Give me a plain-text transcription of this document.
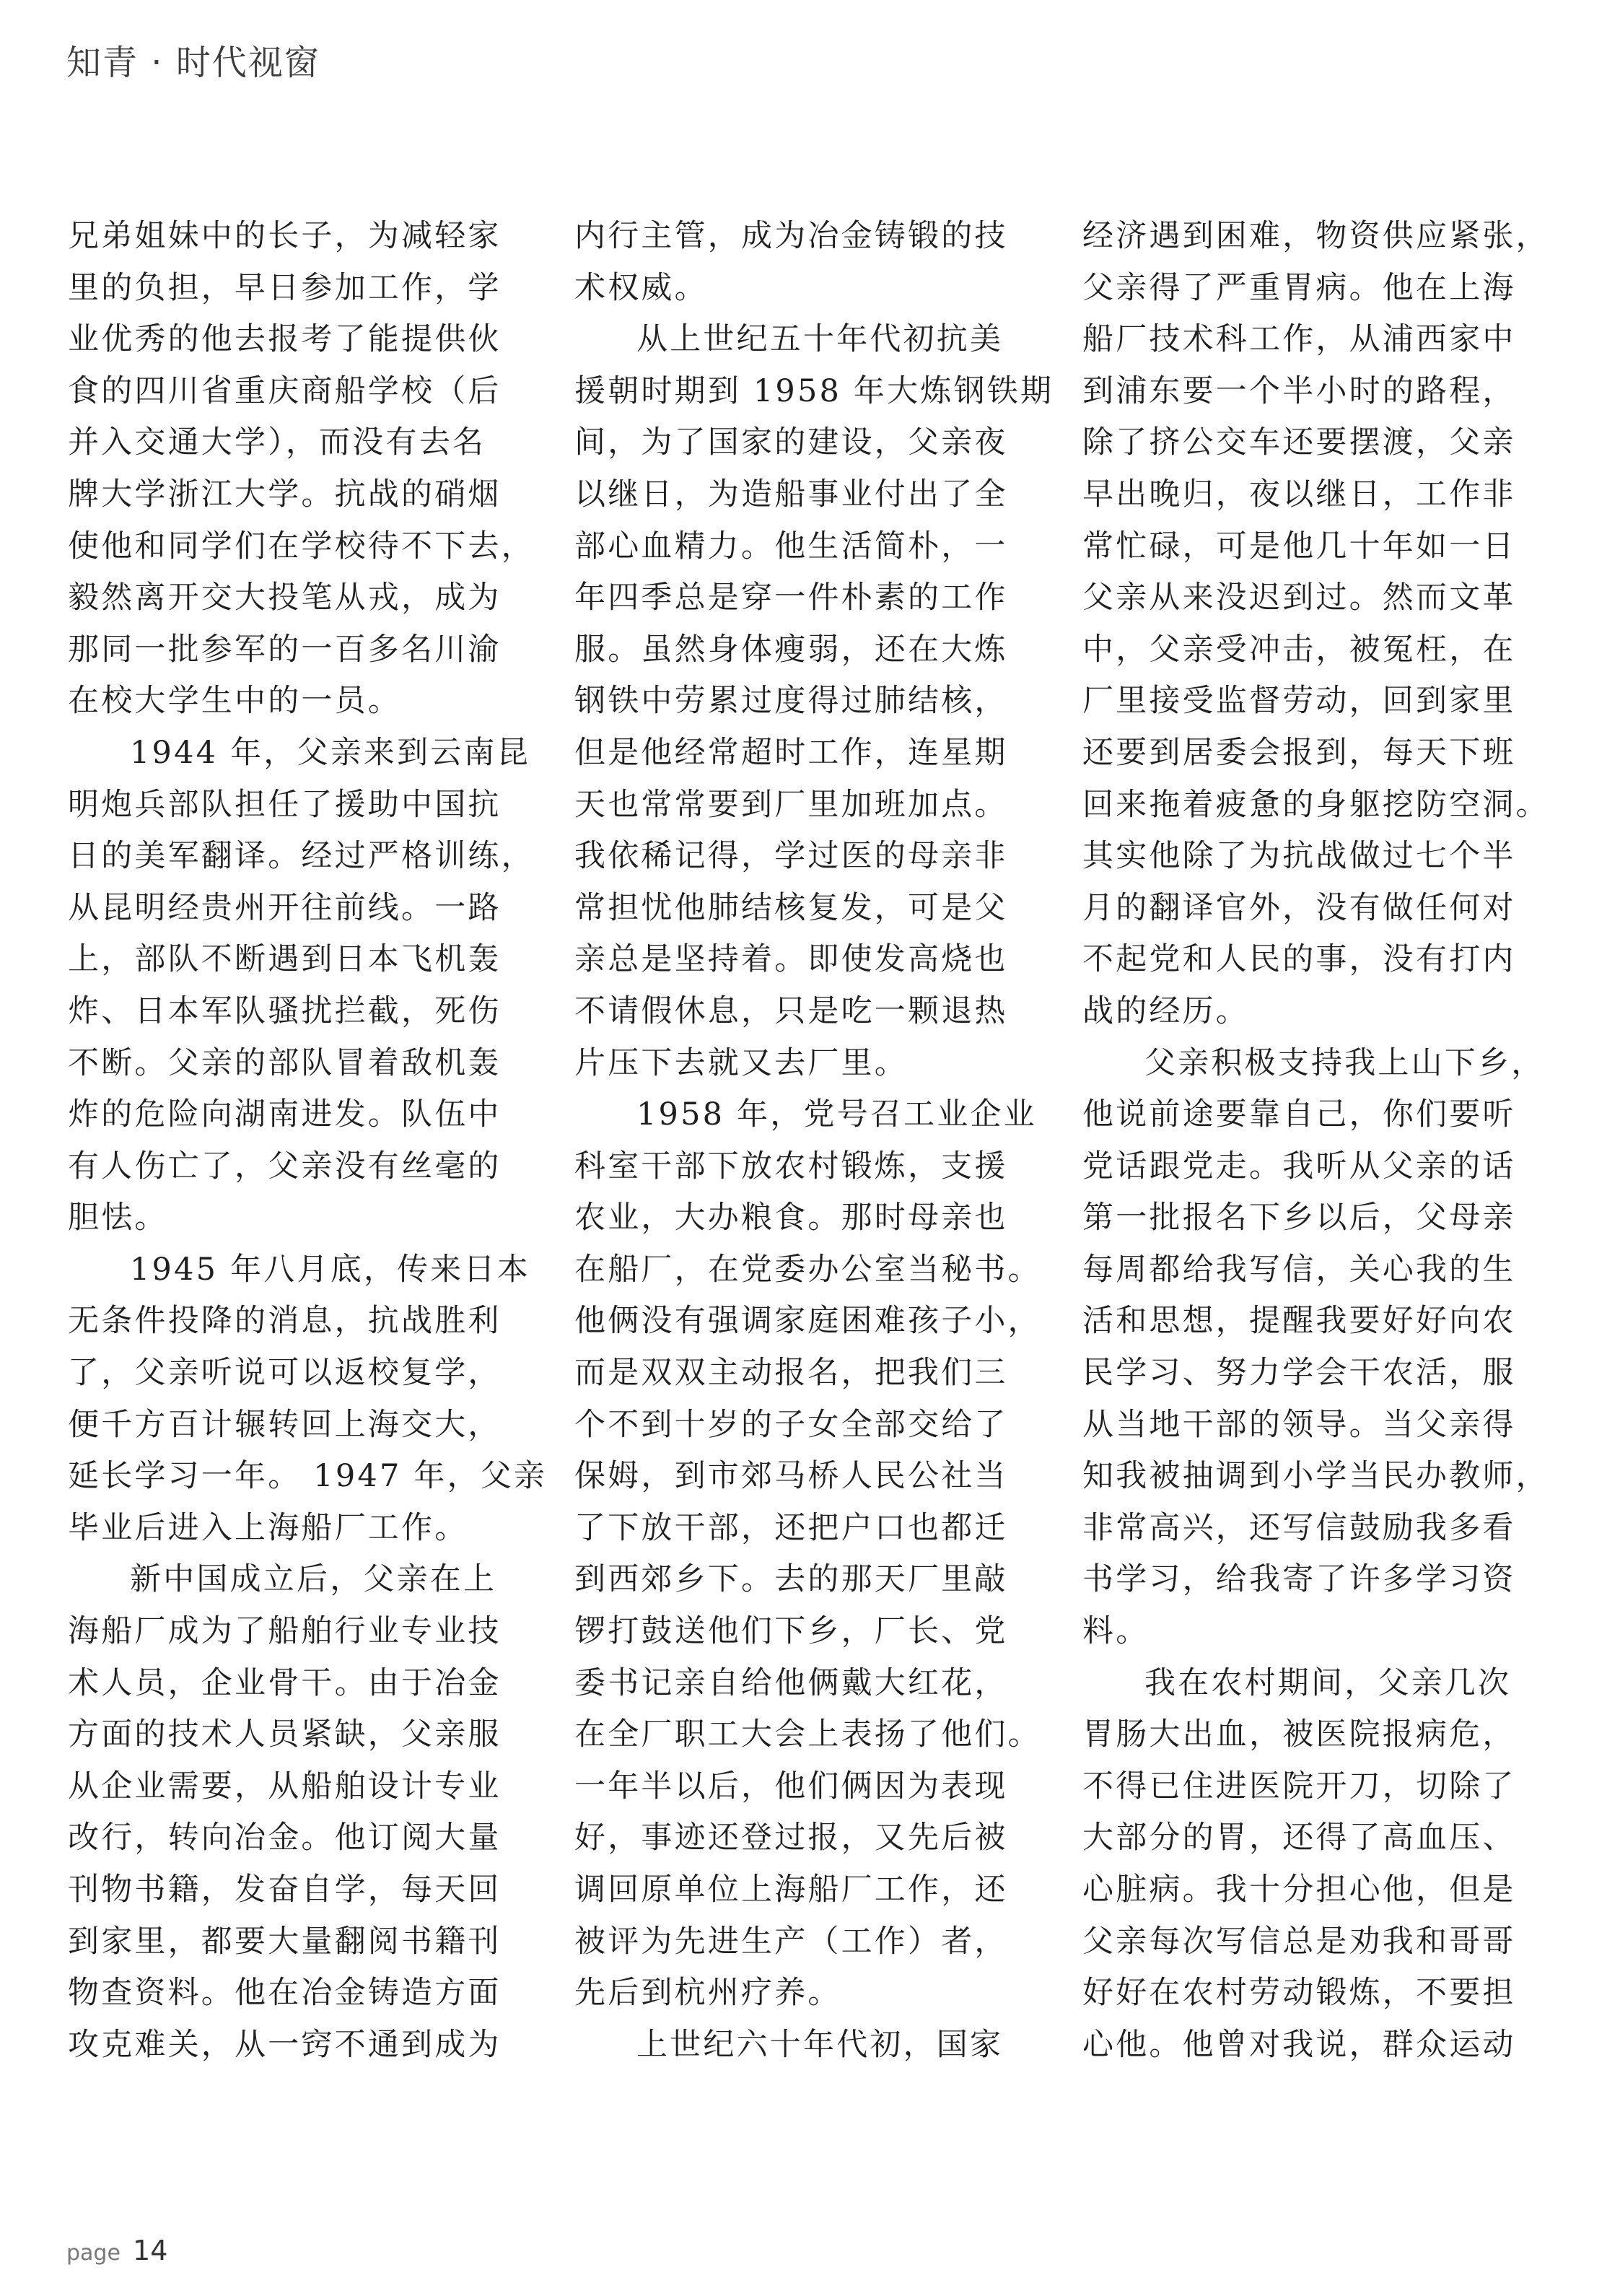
知青 · 时代视窗
兄弟姐妹中的长子，为减轻家
里的负担，早日参加工作，学
业优秀的他去报考了能提供伙
食的四川省重庆商船学校（后
并入交通大学），而没有去名
牌大学浙江大学。抗战的硝烟
使他和同学们在学校待不下去，
毅然离开交大投笔从戎，成为
那同一批参军的一百多名川渝
在校大学生中的一员。
1944 年，父亲来到云南昆
明炮兵部队担任了援助中国抗
日的美军翻译。经过严格训练，
从昆明经贵州开往前线。一路
上，部队不断遇到日本飞机轰
炸、日本军队骚扰拦截，死伤
不断。父亲的部队冒着敌机轰
炸的危险向湖南进发。队伍中
有人伤亡了，父亲没有丝毫的
胆怯。
1945 年八月底，传来日本
无条件投降的消息，抗战胜利
了，父亲听说可以返校复学，
便千方百计辗转回上海交大，
延长学习一年。 1947 年，父亲
毕业后进入上海船厂工作。
新中国成立后，父亲在上
海船厂成为了船舶行业专业技
术人员，企业骨干。由于冶金
方面的技术人员紧缺，父亲服
从企业需要，从船舶设计专业
改行，转向冶金。他订阅大量
刊物书籍，发奋自学，每天回
到家里，都要大量翻阅书籍刊
物查资料。他在冶金铸造方面
攻克难关，从一窍不通到成为
内行主管，成为冶金铸锻的技
术权威。
从上世纪五十年代初抗美
援朝时期到 1958 年大炼钢铁期
间，为了国家的建设，父亲夜
以继日，为造船事业付出了全
部心血精力。他生活简朴，一
年四季总是穿一件朴素的工作
服。虽然身体瘦弱，还在大炼
钢铁中劳累过度得过肺结核，
但是他经常超时工作，连星期
天也常常要到厂里加班加点。
我依稀记得，学过医的母亲非
常担忧他肺结核复发，可是父
亲总是坚持着。即使发高烧也
不请假休息，只是吃一颗退热
片压下去就又去厂里。
1958 年，党号召工业企业
科室干部下放农村锻炼，支援
农业，大办粮食。那时母亲也
在船厂，在党委办公室当秘书。
他俩没有强调家庭困难孩子小，
而是双双主动报名，把我们三
个不到十岁的子女全部交给了
保姆，到市郊马桥人民公社当
了下放干部，还把户口也都迁
到西郊乡下。去的那天厂里敲
锣打鼓送他们下乡，厂长、党
委书记亲自给他俩戴大红花，
在全厂职工大会上表扬了他们。
一年半以后，他们俩因为表现
好，事迹还登过报，又先后被
调回原单位上海船厂工作，还
被评为先进生产（工作）者，
先后到杭州疗养。
上世纪六十年代初，国家
经济遇到困难，物资供应紧张，
父亲得了严重胃病。他在上海
船厂技术科工作，从浦西家中
到浦东要一个半小时的路程，
除了挤公交车还要摆渡，父亲
早出晚归，夜以继日，工作非
常忙碌，可是他几十年如一日
父亲从来没迟到过。然而文革
中，父亲受冲击，被冤枉，在
厂里接受监督劳动，回到家里
还要到居委会报到，每天下班
回来拖着疲惫的身躯挖防空洞。
其实他除了为抗战做过七个半
月的翻译官外，没有做任何对
不起党和人民的事，没有打内
战的经历。
父亲积极支持我上山下乡，
他说前途要靠自己，你们要听
党话跟党走。我听从父亲的话
第一批报名下乡以后，父母亲
每周都给我写信，关心我的生
活和思想，提醒我要好好向农
民学习、努力学会干农活，服
从当地干部的领导。当父亲得
知我被抽调到小学当民办教师，
非常高兴，还写信鼓励我多看
书学习，给我寄了许多学习资
料。
我在农村期间，父亲几次
胃肠大出血，被医院报病危，
不得已住进医院开刀，切除了
大部分的胃，还得了高血压、
心脏病。我十分担心他，但是
父亲每次写信总是劝我和哥哥
好好在农村劳动锻炼，不要担
心他。他曾对我说，群众运动
page 14
